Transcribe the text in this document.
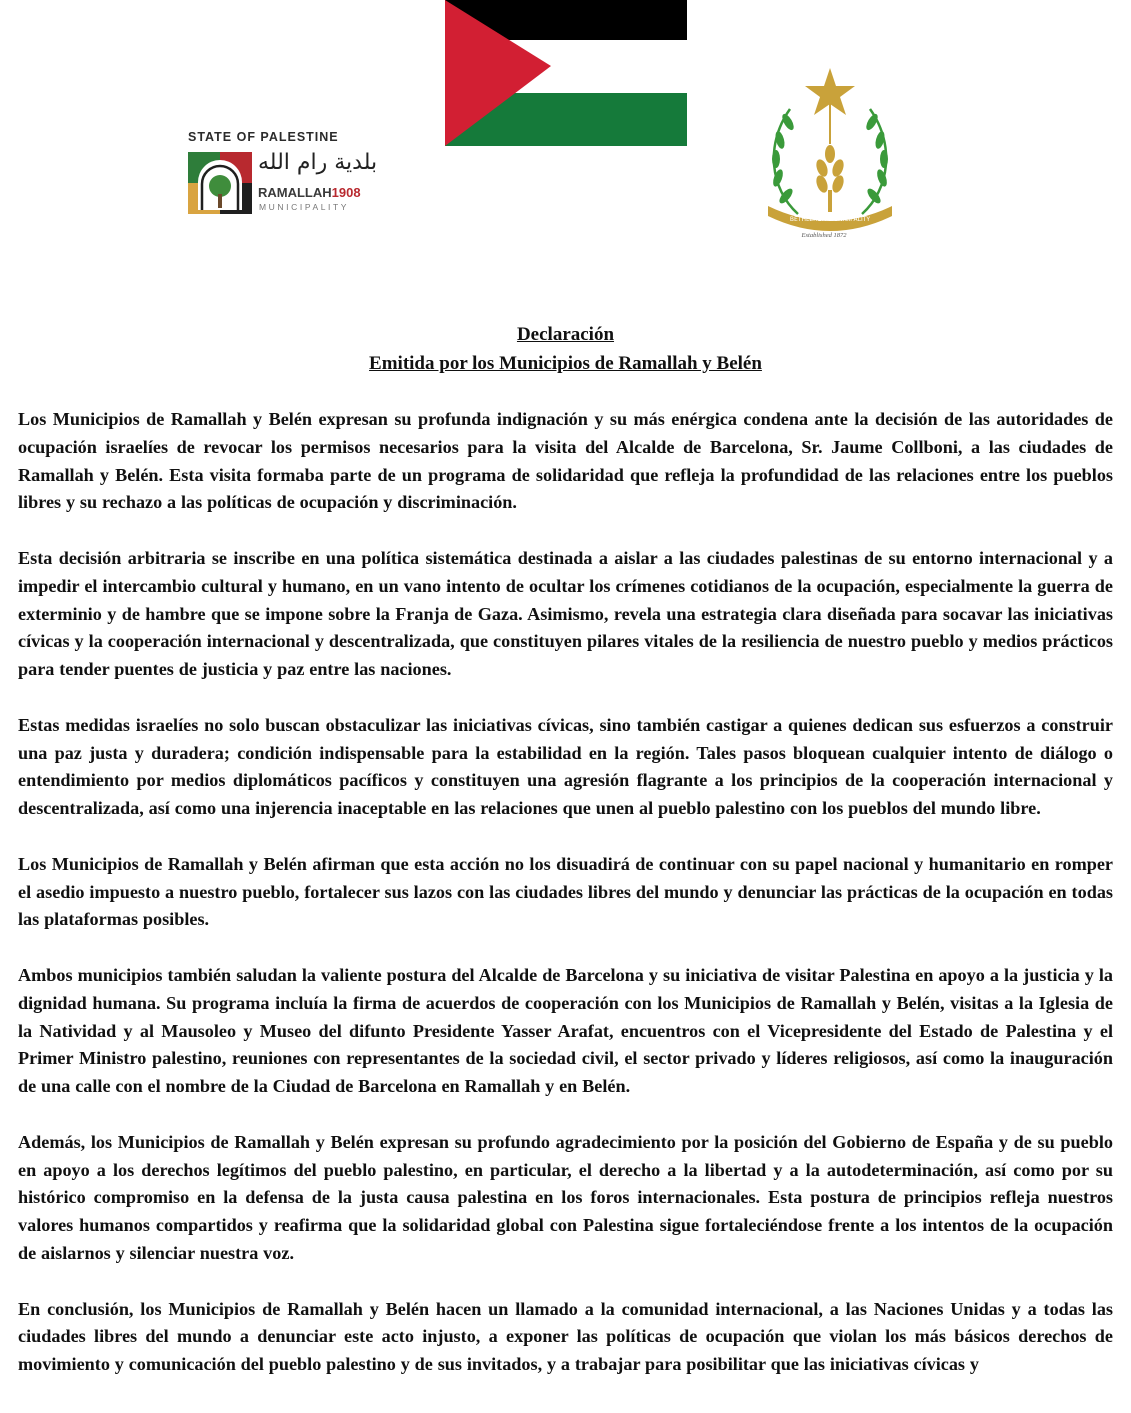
STATE OF PALESTINE
بلدية رام الله
RAMALLAH1908
MUNICIPALITY
BETHLEHEM MUNICIPALITY
Established 1872
Declaración
Emitida por los Municipios de Ramallah y Belén

Los Municipios de Ramallah y Belén expresan su profunda indignación y su más enérgica condena ante la decisión de las autoridades de ocupación israelíes de revocar los permisos necesarios para la visita del Alcalde de Barcelona, Sr. Jaume Collboni, a las ciudades de Ramallah y Belén. Esta visita formaba parte de un programa de solidaridad que refleja la profundidad de las relaciones entre los pueblos libres y su rechazo a las políticas de ocupación y discriminación.

Esta decisión arbitraria se inscribe en una política sistemática destinada a aislar a las ciudades palestinas de su entorno internacional y a impedir el intercambio cultural y humano, en un vano intento de ocultar los crímenes cotidianos de la ocupación, especialmente la guerra de exterminio y de hambre que se impone sobre la Franja de Gaza. Asimismo, revela una estrategia clara diseñada para socavar las iniciativas cívicas y la cooperación internacional y descentralizada, que constituyen pilares vitales de la resiliencia de nuestro pueblo y medios prácticos para tender puentes de justicia y paz entre las naciones.

Estas medidas israelíes no solo buscan obstaculizar las iniciativas cívicas, sino también castigar a quienes dedican sus esfuerzos a construir una paz justa y duradera; condición indispensable para la estabilidad en la región. Tales pasos bloquean cualquier intento de diálogo o entendimiento por medios diplomáticos pacíficos y constituyen una agresión flagrante a los principios de la cooperación internacional y descentralizada, así como una injerencia inaceptable en las relaciones que unen al pueblo palestino con los pueblos del mundo libre.

Los Municipios de Ramallah y Belén afirman que esta acción no los disuadirá de continuar con su papel nacional y humanitario en romper el asedio impuesto a nuestro pueblo, fortalecer sus lazos con las ciudades libres del mundo y denunciar las prácticas de la ocupación en todas las plataformas posibles.

Ambos municipios también saludan la valiente postura del Alcalde de Barcelona y su iniciativa de visitar Palestina en apoyo a la justicia y la dignidad humana. Su programa incluía la firma de acuerdos de cooperación con los Municipios de Ramallah y Belén, visitas a la Iglesia de la Natividad y al Mausoleo y Museo del difunto Presidente Yasser Arafat, encuentros con el Vicepresidente del Estado de Palestina y el Primer Ministro palestino, reuniones con representantes de la sociedad civil, el sector privado y líderes religiosos, así como la inauguración de una calle con el nombre de la Ciudad de Barcelona en Ramallah y en Belén.

Además, los Municipios de Ramallah y Belén expresan su profundo agradecimiento por la posición del Gobierno de España y de su pueblo en apoyo a los derechos legítimos del pueblo palestino, en particular, el derecho a la libertad y a la autodeterminación, así como por su histórico compromiso en la defensa de la justa causa palestina en los foros internacionales. Esta postura de principios refleja nuestros valores humanos compartidos y reafirma que la solidaridad global con Palestina sigue fortaleciéndose frente a los intentos de la ocupación de aislarnos y silenciar nuestra voz.

En conclusión, los Municipios de Ramallah y Belén hacen un llamado a la comunidad internacional, a las Naciones Unidas y a todas las ciudades libres del mundo a denunciar este acto injusto, a exponer las políticas de ocupación que violan los más básicos derechos de movimiento y comunicación del pueblo palestino y de sus invitados, y a trabajar para posibilitar que las iniciativas cívicas y
